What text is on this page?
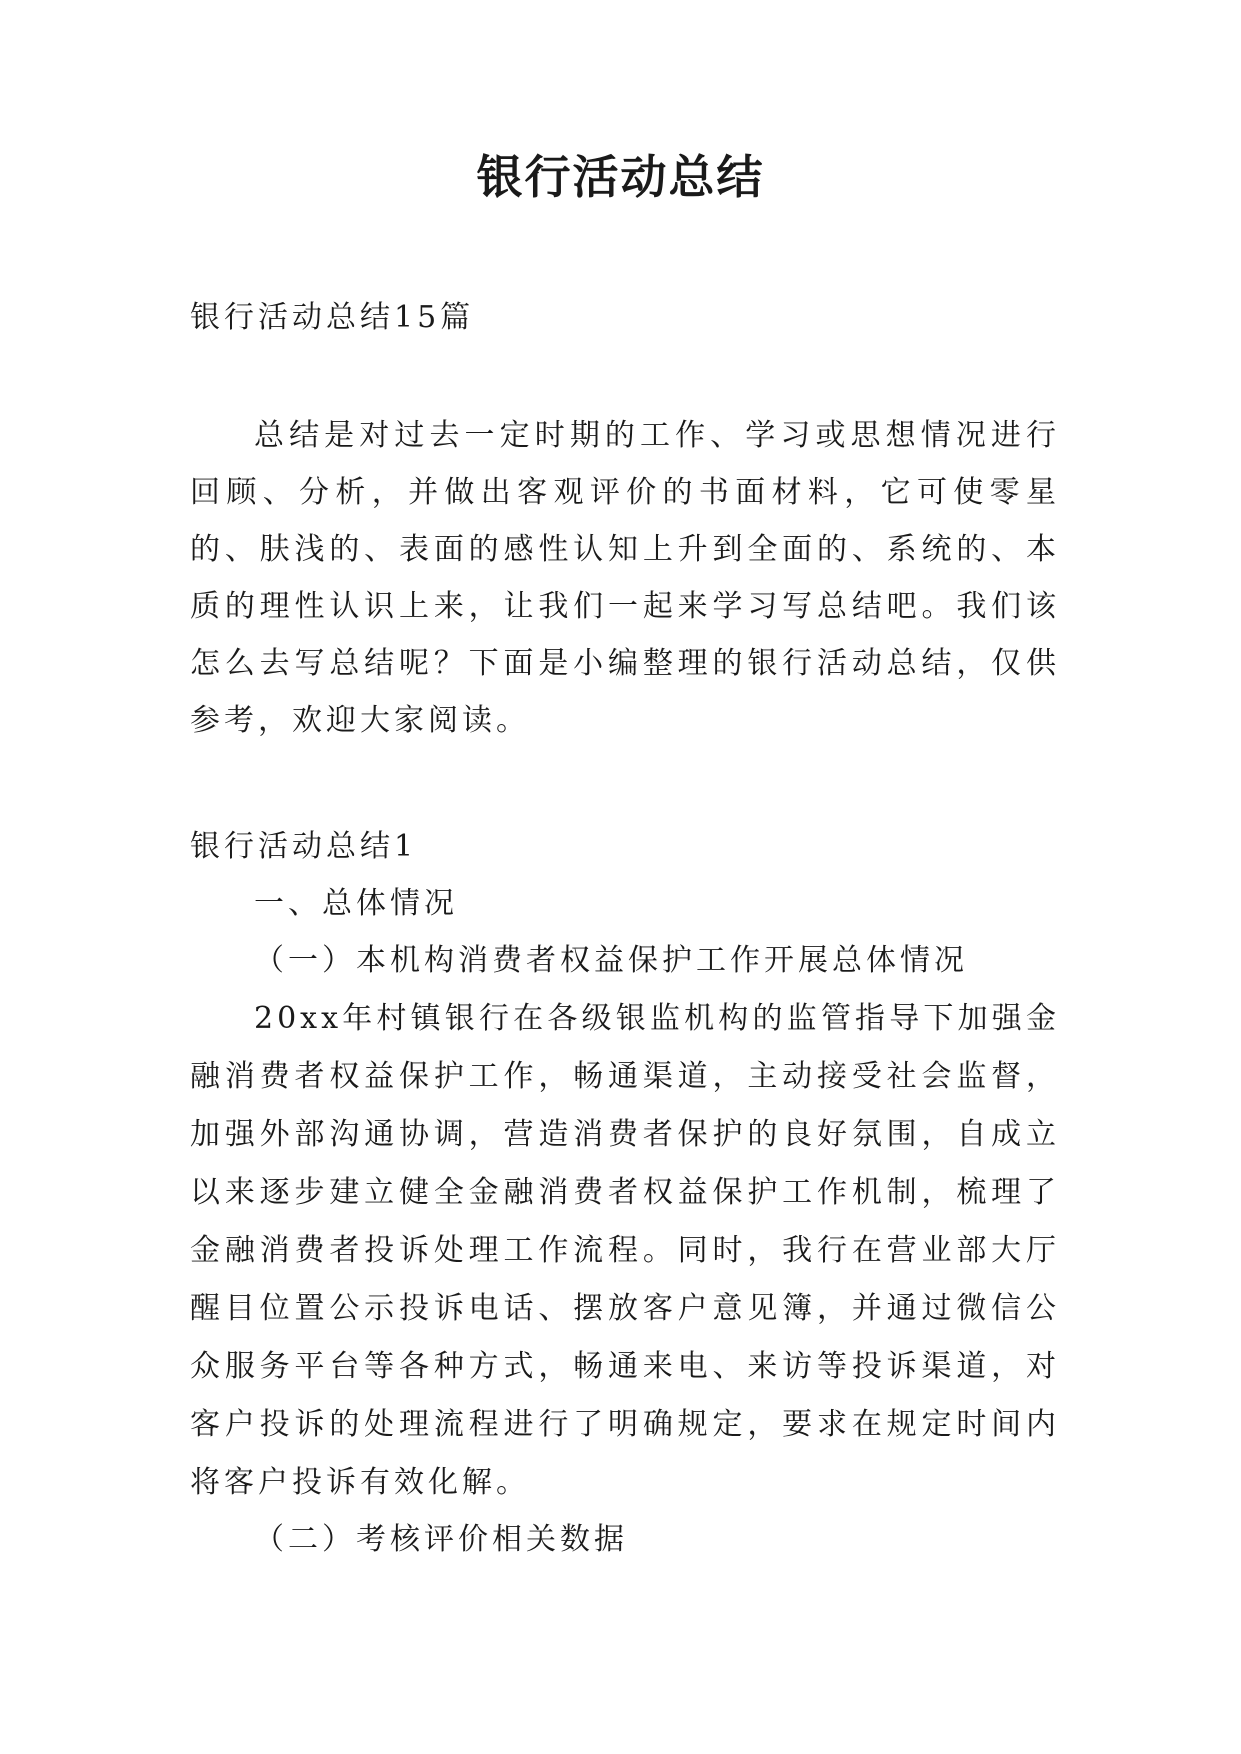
银行活动总结
银行活动总结15篇
总结是对过去一定时期的工作、学习或思想情况进行回顾、分析，并做出客观评价的书面材料，它可使零星的、肤浅的、表面的感性认知上升到全面的、系统的、本质的理性认识上来，让我们一起来学习写总结吧。我们该怎么去写总结呢？下面是小编整理的银行活动总结，仅供参考，欢迎大家阅读。
银行活动总结1
一、总体情况
（一）本机构消费者权益保护工作开展总体情况
20xx年村镇银行在各级银监机构的监管指导下加强金融消费者权益保护工作，畅通渠道，主动接受社会监督，加强外部沟通协调，营造消费者保护的良好氛围，自成立以来逐步建立健全金融消费者权益保护工作机制，梳理了金融消费者投诉处理工作流程。同时，我行在营业部大厅醒目位置公示投诉电话、摆放客户意见簿，并通过微信公众服务平台等各种方式，畅通来电、来访等投诉渠道，对客户投诉的处理流程进行了明确规定，要求在规定时间内将客户投诉有效化解。
（二）考核评价相关数据
